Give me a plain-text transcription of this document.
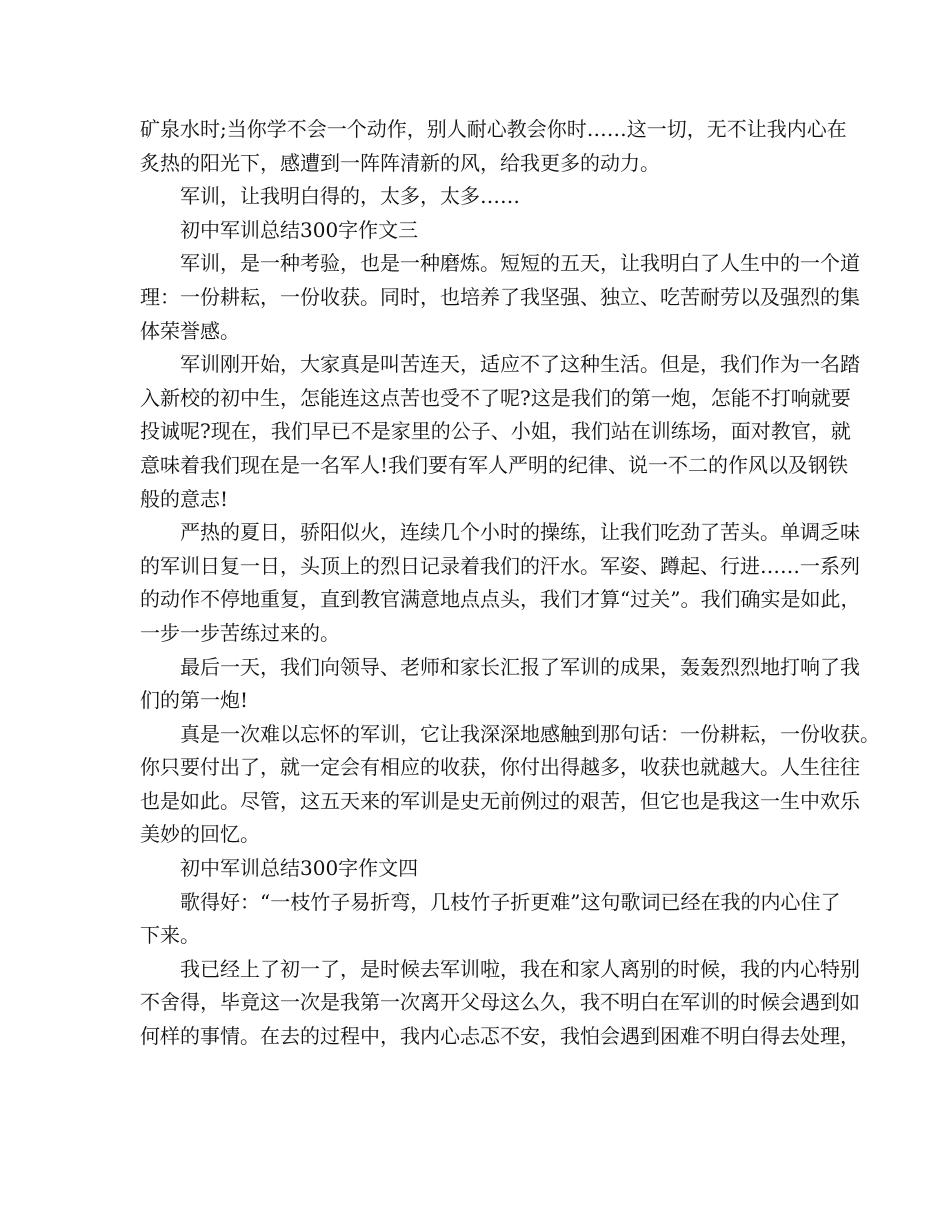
矿泉水时;当你学不会一个动作，别人耐心教会你时……这一切，无不让我内心在
炙热的阳光下，感遭到一阵阵清新的风，给我更多的动力。
军训，让我明白得的，太多，太多……
初中军训总结300字作文三
军训，是一种考验，也是一种磨炼。短短的五天，让我明白了人生中的一个道
理：一份耕耘，一份收获。同时，也培养了我坚强、独立、吃苦耐劳以及强烈的集
体荣誉感。
军训刚开始，大家真是叫苦连天，适应不了这种生活。但是，我们作为一名踏
入新校的初中生，怎能连这点苦也受不了呢?这是我们的第一炮，怎能不打响就要
投诚呢?现在，我们早已不是家里的公子、小姐，我们站在训练场，面对教官，就
意味着我们现在是一名军人!我们要有军人严明的纪律、说一不二的作风以及钢铁
般的意志!
严热的夏日，骄阳似火，连续几个小时的操练，让我们吃劲了苦头。单调乏味
的军训日复一日，头顶上的烈日记录着我们的汗水。军姿、蹲起、行进……一系列
的动作不停地重复，直到教官满意地点点头，我们才算“过关”。我们确实是如此，
一步一步苦练过来的。
最后一天，我们向领导、老师和家长汇报了军训的成果，轰轰烈烈地打响了我
们的第一炮!
真是一次难以忘怀的军训，它让我深深地感触到那句话：一份耕耘，一份收获。
你只要付出了，就一定会有相应的收获，你付出得越多，收获也就越大。人生往往
也是如此。尽管，这五天来的军训是史无前例过的艰苦，但它也是我这一生中欢乐
美妙的回忆。
初中军训总结300字作文四
歌得好：“一枝竹子易折弯，几枝竹子折更难”这句歌词已经在我的内心住了
下来。
我已经上了初一了，是时候去军训啦，我在和家人离别的时候，我的内心特别
不舍得，毕竟这一次是我第一次离开父母这么久，我不明白在军训的时候会遇到如
何样的事情。在去的过程中，我内心忐忑不安，我怕会遇到困难不明白得去处理，
